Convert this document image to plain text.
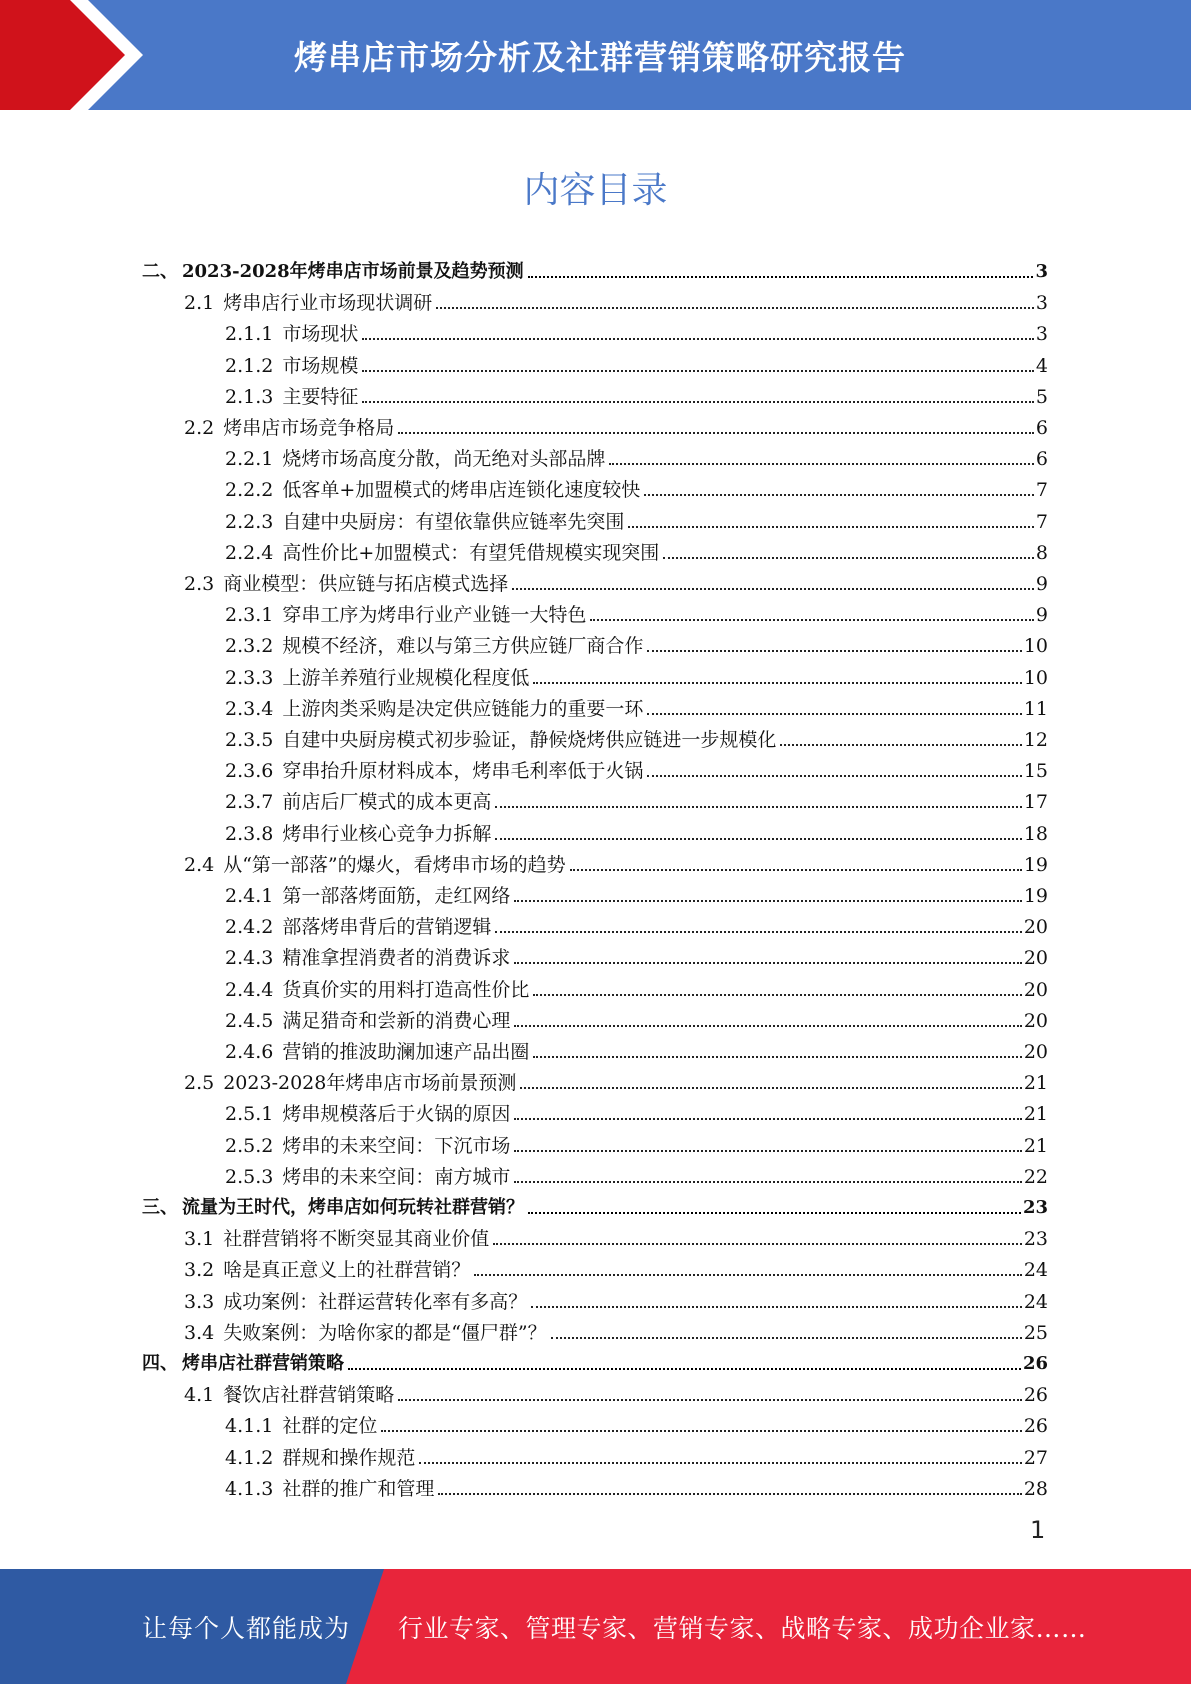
烤串店市场分析及社群营销策略研究报告
内容目录
二、 2023-2028年烤串店市场前景及趋势预测	3
2.1 烤串店行业市场现状调研	3
2.1.1 市场现状	3
2.1.2 市场规模	4
2.1.3 主要特征	5
2.2 烤串店市场竞争格局	6
2.2.1 烧烤市场高度分散，尚无绝对头部品牌	6
2.2.2 低客单+加盟模式的烤串店连锁化速度较快	7
2.2.3 自建中央厨房：有望依靠供应链率先突围	7
2.2.4 高性价比+加盟模式：有望凭借规模实现突围	8
2.3 商业模型：供应链与拓店模式选择	9
2.3.1 穿串工序为烤串行业产业链一大特色	9
2.3.2 规模不经济，难以与第三方供应链厂商合作	10
2.3.3 上游羊养殖行业规模化程度低	10
2.3.4 上游肉类采购是决定供应链能力的重要一环	11
2.3.5 自建中央厨房模式初步验证，静候烧烤供应链进一步规模化	12
2.3.6 穿串抬升原材料成本，烤串毛利率低于火锅	15
2.3.7 前店后厂模式的成本更高	17
2.3.8 烤串行业核心竞争力拆解	18
2.4 从“第一部落”的爆火，看烤串市场的趋势	19
2.4.1 第一部落烤面筋，走红网络	19
2.4.2 部落烤串背后的营销逻辑	20
2.4.3 精准拿捏消费者的消费诉求	20
2.4.4 货真价实的用料打造高性价比	20
2.4.5 满足猎奇和尝新的消费心理	20
2.4.6 营销的推波助澜加速产品出圈	20
2.5 2023-2028年烤串店市场前景预测	21
2.5.1 烤串规模落后于火锅的原因	21
2.5.2 烤串的未来空间：下沉市场	21
2.5.3 烤串的未来空间：南方城市	22
三、 流量为王时代，烤串店如何玩转社群营销？	23
3.1 社群营销将不断突显其商业价值	23
3.2 啥是真正意义上的社群营销？	24
3.3 成功案例：社群运营转化率有多高？	24
3.4 失败案例：为啥你家的都是“僵尸群”？	25
四、 烤串店社群营销策略	26
4.1 餐饮店社群营销策略	26
4.1.1 社群的定位	26
4.1.2 群规和操作规范	27
4.1.3 社群的推广和管理	28
1
让每个人都能成为	行业专家、管理专家、营销专家、战略专家、成功企业家……
